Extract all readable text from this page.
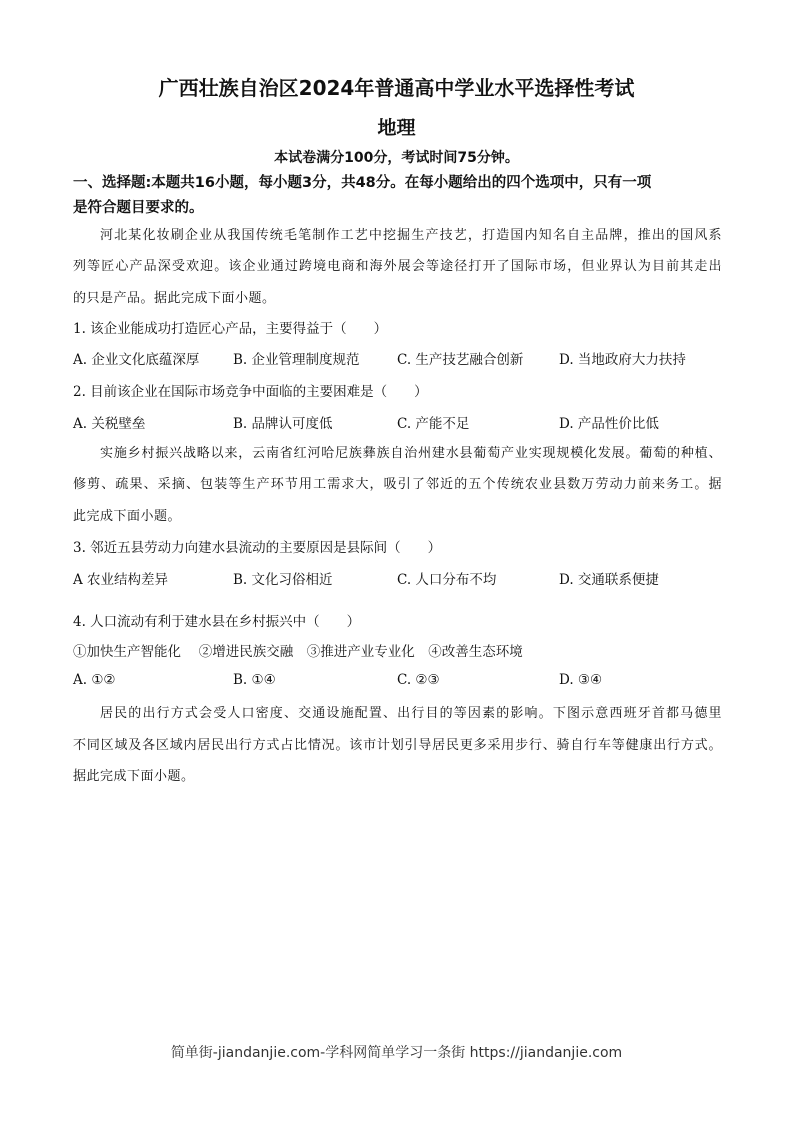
广西壮族自治区2024年普通高中学业水平选择性考试
地理
本试卷满分100分，考试时间75分钟。
一、选择题:本题共16小题，每小题3分，共48分。在每小题给出的四个选项中，只有一项
是符合题目要求的。
河北某化妆刷企业从我国传统毛笔制作工艺中挖掘生产技艺，打造国内知名自主品牌，推出的国风系
列等匠心产品深受欢迎。该企业通过跨境电商和海外展会等途径打开了国际市场，但业界认为目前其走出
的只是产品。据此完成下面小题。
1. 该企业能成功打造匠心产品，主要得益于（　　）
A. 企业文化底蕴深厚 B. 企业管理制度规范	C. 生产技艺融合创新	D. 当地政府大力扶持
2. 目前该企业在国际市场竞争中面临的主要困难是（　　）
A. 关税壁垒	B. 品牌认可度低	C. 产能不足	D. 产品性价比低
实施乡村振兴战略以来，云南省红河哈尼族彝族自治州建水县葡萄产业实现规模化发展。葡萄的种植、
修剪、疏果、采摘、包装等生产环节用工需求大，吸引了邻近的五个传统农业县数万劳动力前来务工。据
此完成下面小题。
3. 邻近五县劳动力向建水县流动的主要原因是县际间（　　）
A 农业结构差异	B. 文化习俗相近	C. 人口分布不均	D. 交通联系便捷
4. 人口流动有利于建水县在乡村振兴中（　　）
①加快生产智能化　 ②增进民族交融　③推进产业专业化　④改善生态环境
A. ①②	B. ①④	C. ②③	D. ③④
居民的出行方式会受人口密度、交通设施配置、出行目的等因素的影响。下图示意西班牙首都马德里
不同区域及各区域内居民出行方式占比情况。该市计划引导居民更多采用步行、骑自行车等健康出行方式。
据此完成下面小题。
简单街-jiandanjie.com-学科网简单学习一条街 https://jiandanjie.com
